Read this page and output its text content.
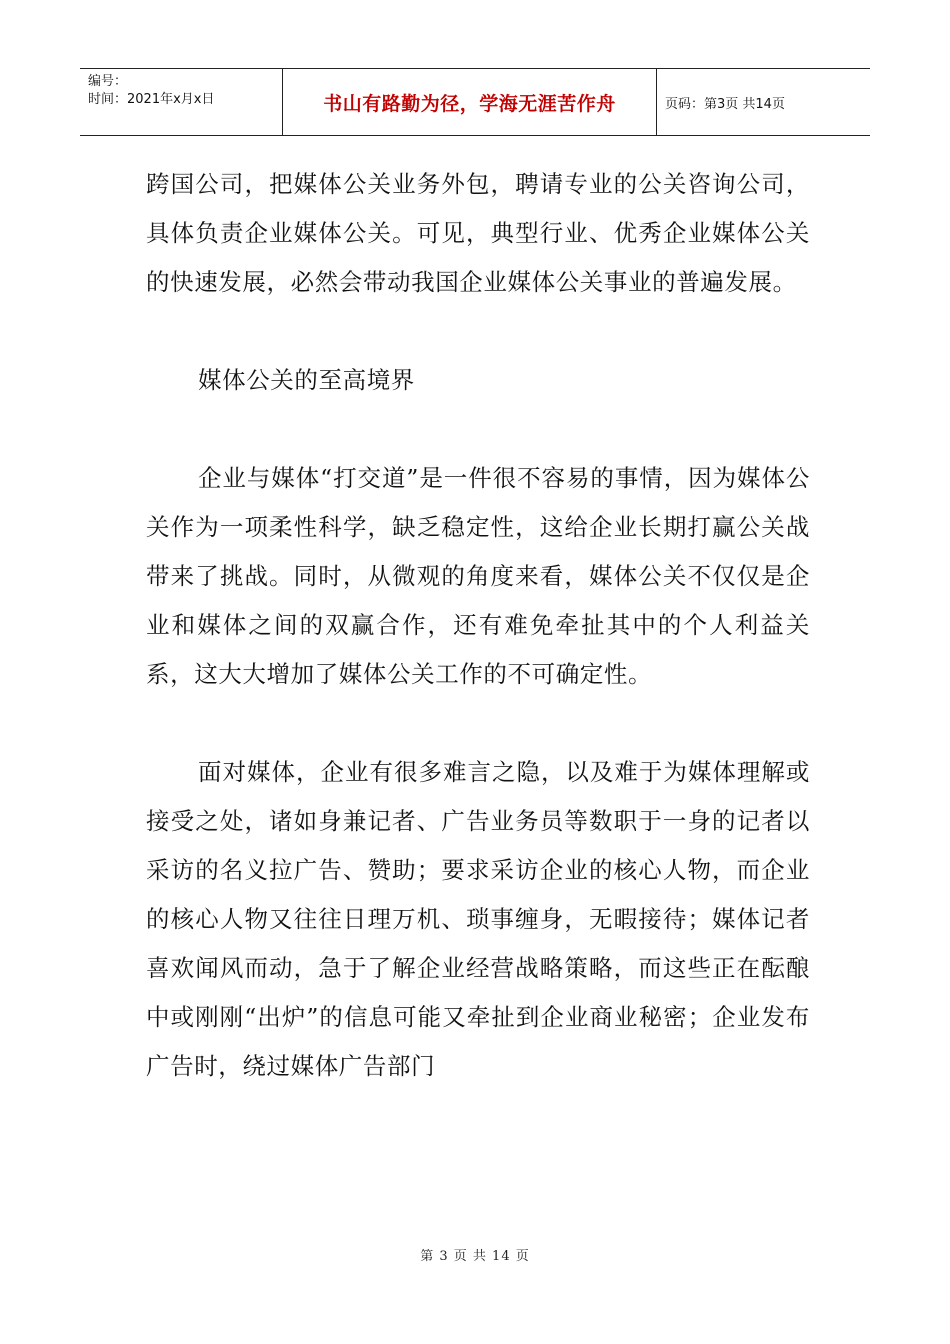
编号：
时间：2021年x月x日	书山有路勤为径，学海无涯苦作舟	页码：第3页 共14页

跨国公司，把媒体公关业务外包，聘请专业的公关咨询公司，具体负责企业媒体公关。可见，典型行业、优秀企业媒体公关的快速发展，必然会带动我国企业媒体公关事业的普遍发展。

媒体公关的至高境界

企业与媒体“打交道”是一件很不容易的事情，因为媒体公关作为一项柔性科学，缺乏稳定性，这给企业长期打赢公关战带来了挑战。同时，从微观的角度来看，媒体公关不仅仅是企业和媒体之间的双赢合作，还有难免牵扯其中的个人利益关系，这大大增加了媒体公关工作的不可确定性。

面对媒体，企业有很多难言之隐，以及难于为媒体理解或接受之处，诸如身兼记者、广告业务员等数职于一身的记者以采访的名义拉广告、赞助；要求采访企业的核心人物，而企业的核心人物又往往日理万机、琐事缠身，无暇接待；媒体记者喜欢闻风而动，急于了解企业经营战略策略，而这些正在酝酿中或刚刚“出炉”的信息可能又牵扯到企业商业秘密；企业发布广告时，绕过媒体广告部门

第 3 页 共 14 页
